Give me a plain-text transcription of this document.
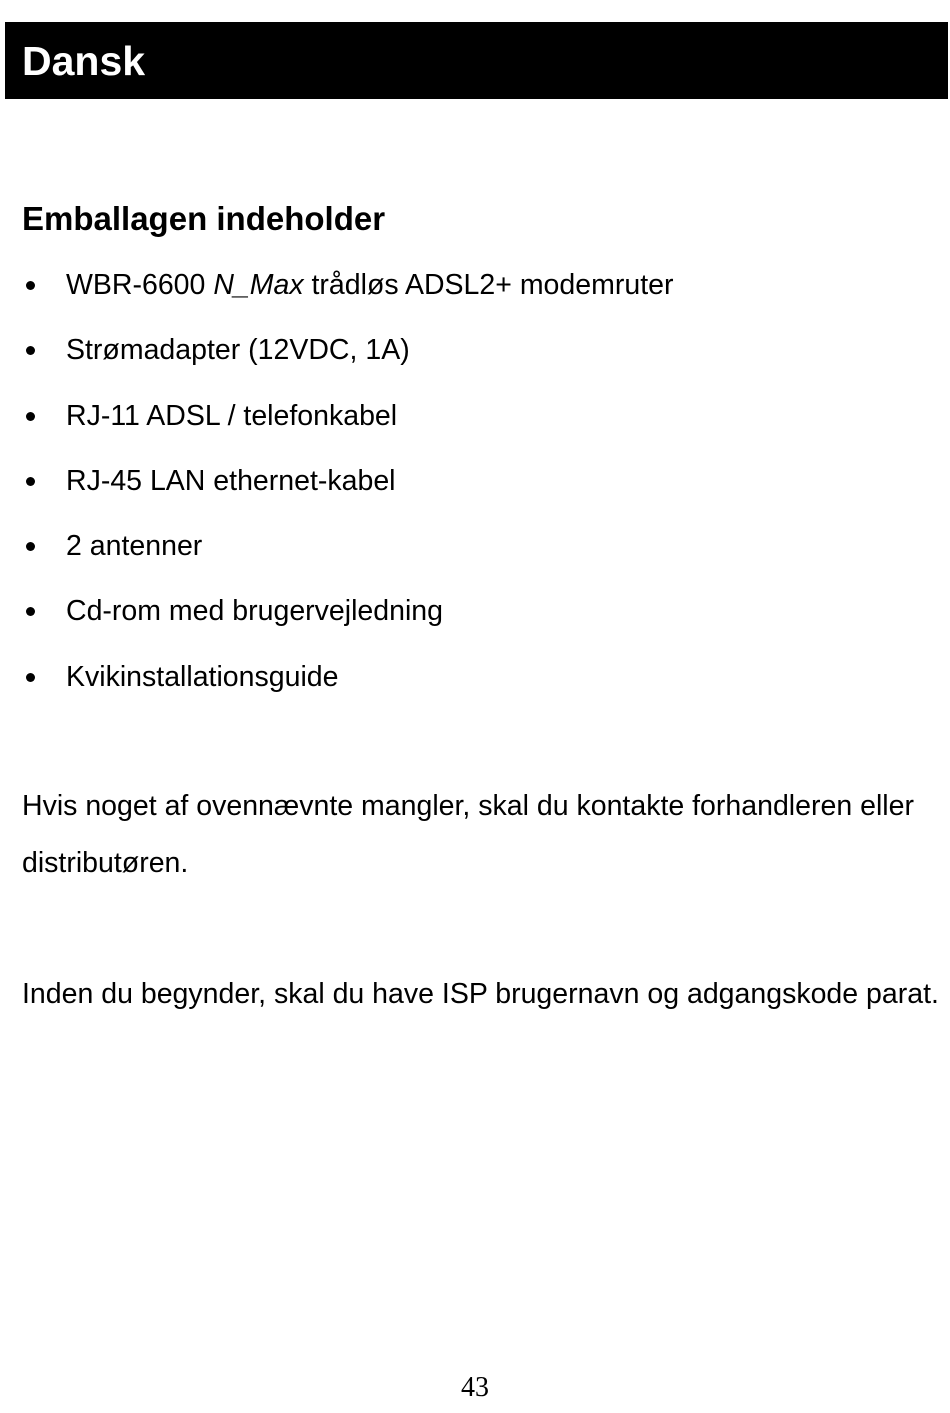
Dansk
Emballagen indeholder
WBR-6600 N_Max trådløs ADSL2+ modemruter
Strømadapter (12VDC, 1A)
RJ-11 ADSL / telefonkabel
RJ-45 LAN ethernet-kabel
2 antenner
Cd-rom med brugervejledning
Kvikinstallationsguide

Hvis noget af ovennævnte mangler, skal du kontakte forhandleren eller distributøren.

Inden du begynder, skal du have ISP brugernavn og adgangskode parat.

43
